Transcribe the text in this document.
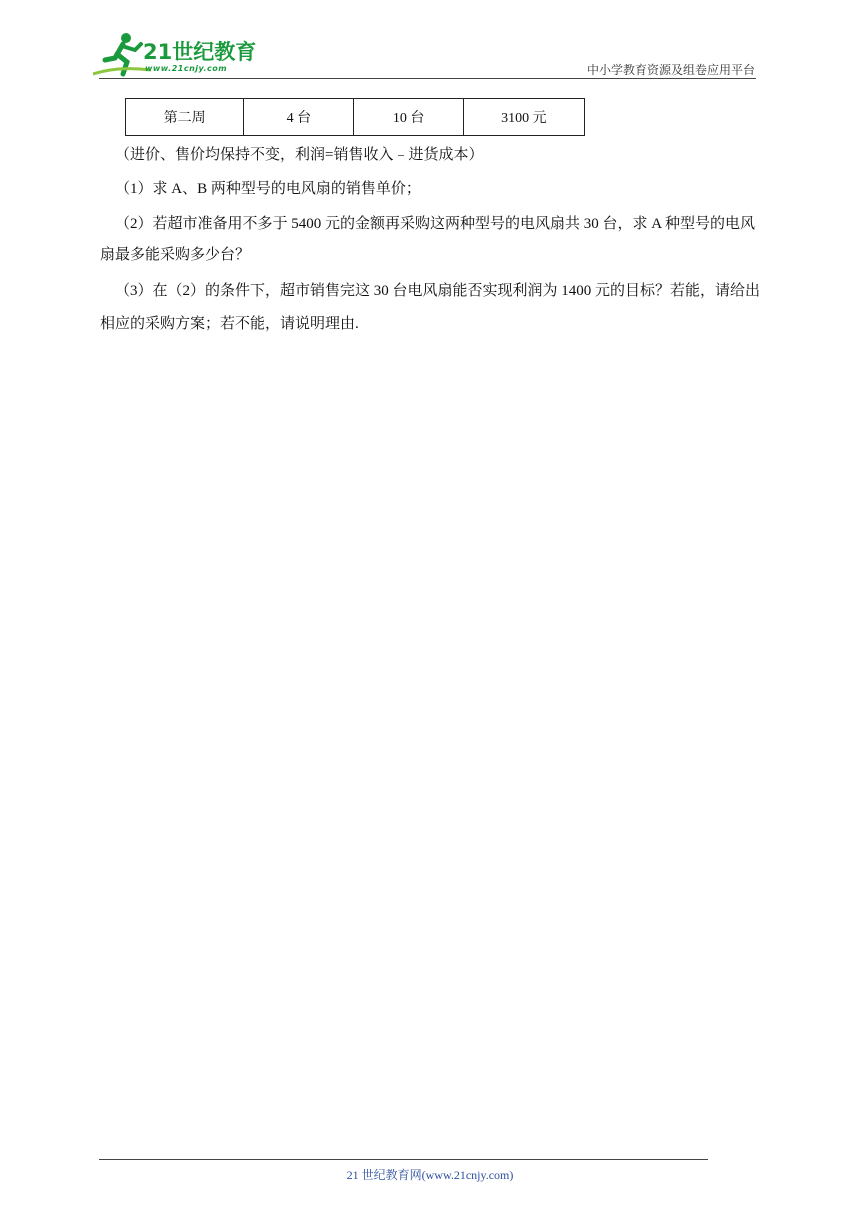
21世纪教育
www.21cnjy.com	中小学教育资源及组卷应用平台
第二周	4 台	10 台	3100 元

（进价、售价均保持不变，利润=销售收入﹣进货成本）

（1）求 A、B 两种型号的电风扇的销售单价；

（2）若超市准备用不多于 5400 元的金额再采购这两种型号的电风扇共 30 台，求 A 种型号的电风扇最多能采购多少台？

（3）在（2）的条件下，超市销售完这 30 台电风扇能否实现利润为 1400 元的目标？若能，请给出相应的采购方案；若不能，请说明理由.

21 世纪教育网(www.21cnjy.com)
